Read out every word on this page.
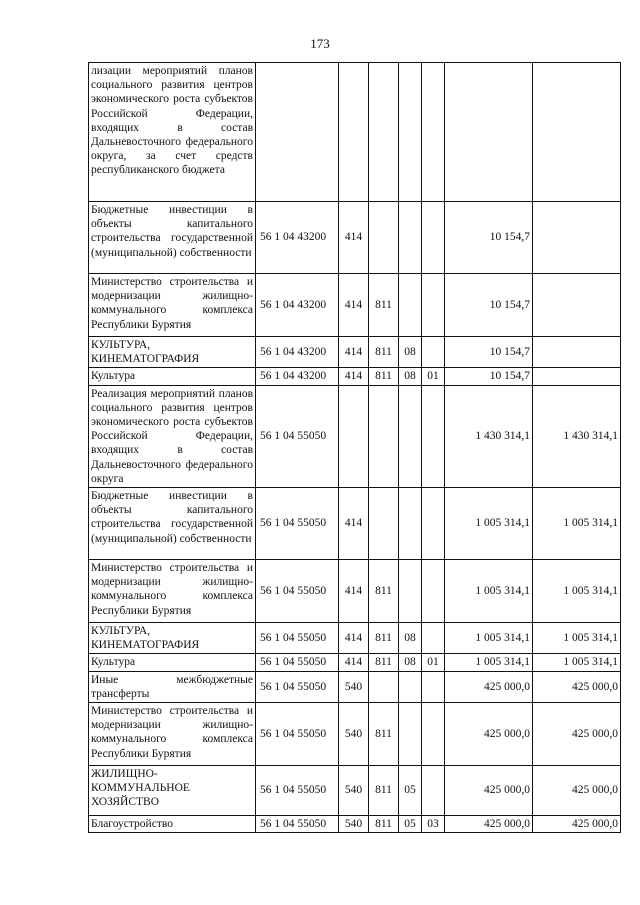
173
лизации мероприятий планов социального развития центров экономического роста субъектов Российской Федерации, входящих в состав Дальневосточного федерального округа, за счет средств республиканского бюджета							
Бюджетные инвестиции в объекты капитального строительства государственной (муниципальной) собственности	56 1 04 43200	414				10 154,7	
Министерство строительства и модернизации жилищно-коммунального комплекса Республики Бурятия	56 1 04 43200	414	811			10 154,7	
КУЛЬТУРА, КИНЕМАТОГРАФИЯ	56 1 04 43200	414	811	08		10 154,7	
Культура	56 1 04 43200	414	811	08	01	10 154,7	
Реализация мероприятий планов социального развития центров экономического роста субъектов Российской Федерации, входящих в состав Дальневосточного федерального округа	56 1 04 55050					1 430 314,1	1 430 314,1
Бюджетные инвестиции в объекты капитального строительства государственной (муниципальной) собственности	56 1 04 55050	414				1 005 314,1	1 005 314,1
Министерство строительства и модернизации жилищно-коммунального комплекса Республики Бурятия	56 1 04 55050	414	811			1 005 314,1	1 005 314,1
КУЛЬТУРА, КИНЕМАТОГРАФИЯ	56 1 04 55050	414	811	08		1 005 314,1	1 005 314,1
Культура	56 1 04 55050	414	811	08	01	1 005 314,1	1 005 314,1
Иные межбюджетные трансферты	56 1 04 55050	540				425 000,0	425 000,0
Министерство строительства и модернизации жилищно-коммунального комплекса Республики Бурятия	56 1 04 55050	540	811			425 000,0	425 000,0
ЖИЛИЩНО-КОММУНАЛЬНОЕ ХОЗЯЙСТВО	56 1 04 55050	540	811	05		425 000,0	425 000,0
Благоустройство	56 1 04 55050	540	811	05	03	425 000,0	425 000,0
